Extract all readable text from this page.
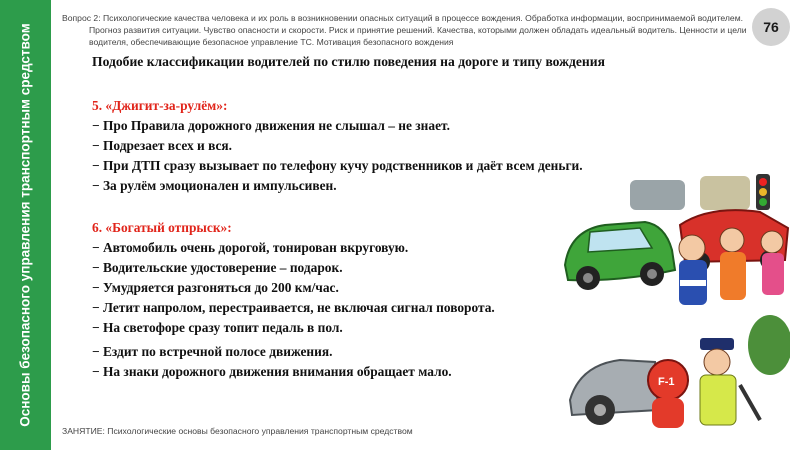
Основы безопасного управления транспортным средством
Вопрос 2: Психологические качества человека и их роль в возникновении опасных ситуаций в процессе вождения. Обработка информации, воспринимаемой водителем. Прогноз развития ситуации. Чувство опасности и скорости. Риск и принятие решений. Качества, которыми должен обладать идеальный водитель. Ценности и цели водителя, обеспечивающие безопасное управление ТС. Мотивация безопасного вождения
76
Подобие классификации водителей по стилю поведения на дороге и типу вождения
5. «Джигит-за-рулём»:
− Про Правила дорожного движения не слышал – не знает.
− Подрезает всех и вся.
− При ДТП сразу вызывает по телефону кучу родственников и даёт всем деньги.
− За рулём эмоционален и импульсивен.
6. «Богатый отпрыск»:
− Автомобиль очень дорогой, тонирован вкруговую.
− Водительские удостоверение – подарок.
− Умудряется разгоняться до 200 км/час.
− Летит напролом, перестраивается, не включая сигнал поворота.
− На светофоре сразу топит педаль в пол.
− Ездит по встречной полосе движения.
− На знаки дорожного движения внимания обращает мало.
F-1
ЗАНЯТИЕ: Психологические основы безопасного управления транспортным средством
